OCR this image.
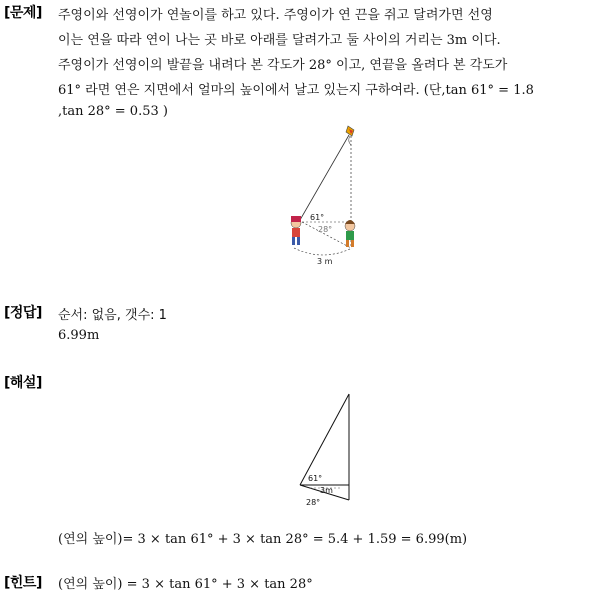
[문제] 주영이와 선영이가 연놀이를 하고 있다. 주영이가 연 끈을 쥐고 달려가면 선영
이는 연을 따라 연이 나는 곳 바로 아래를 달려가고 둘 사이의 거리는 3m 이다.
주영이가 선영이의 발끝을 내려다 본 각도가 28° 이고, 연끝을 올려다 본 각도가
61° 라면 연은 지면에서 얼마의 높이에서 날고 있는지 구하여라. (단,tan 61° = 1.8
,tan 28° = 0.53 )
61°
28°
3 m
[정답] 순서: 없음, 갯수: 1
6.99m
[해설]
61°
3m
28°
(연의 높이)= 3 × tan 61° + 3 × tan 28° = 5.4 + 1.59 = 6.99(m)
[힌트] (연의 높이) = 3 × tan 61° + 3 × tan 28°
